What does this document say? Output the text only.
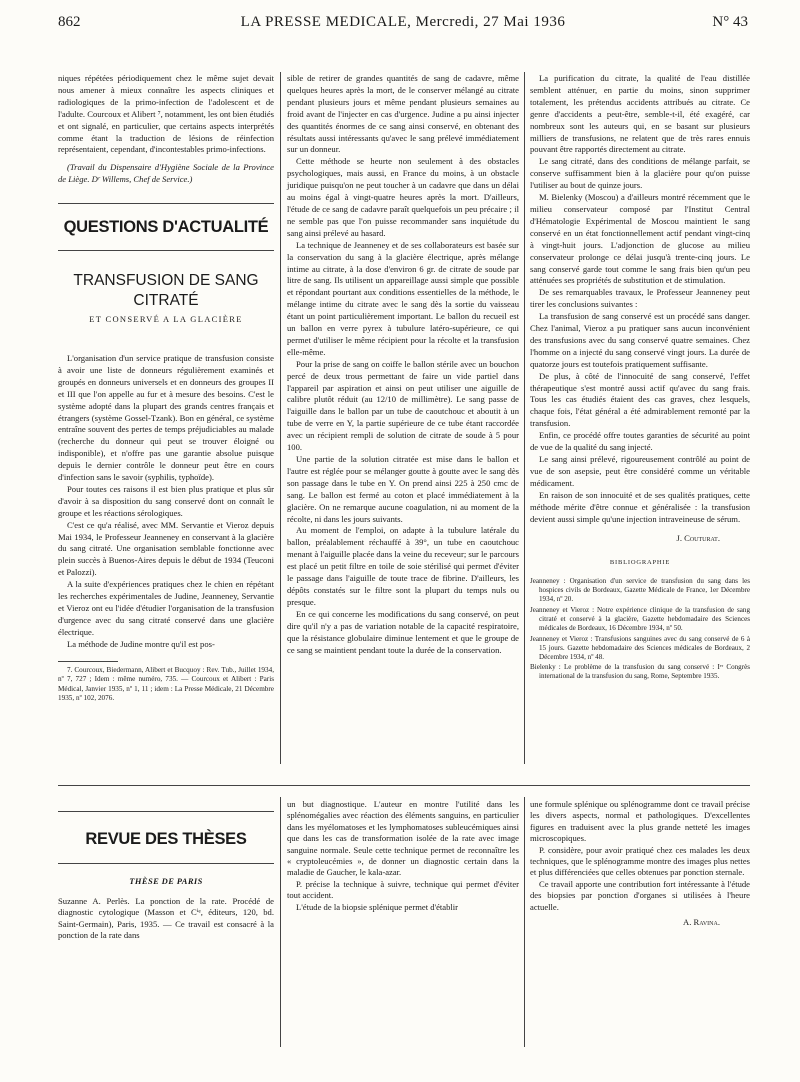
862	LA PRESSE MEDICALE, Mercredi, 27 Mai 1936	N° 43

niques répétées périodiquement chez le même sujet devait nous amener à mieux connaître les aspects cliniques et radiologiques de la primo-infection de l'adolescent et de l'adulte. Courcoux et Alibert ⁷, notamment, les ont bien étudiés et ont signalé, en particulier, que certains aspects interprétés comme étant la traduction de lésions de réinfection représentaient, cependant, d'incontestables primo-infections.

(Travail du Dispensaire d'Hygiène Sociale de la Province de Liège. Dʳ Willems, Chef de Service.)

QUESTIONS D'ACTUALITÉ
TRANSFUSION DE SANG
CITRATÉ
ET CONSERVÉ A LA GLACIÈRE

L'organisation d'un service pratique de transfusion consiste à avoir une liste de donneurs régulièrement examinés et groupés en donneurs universels et en donneurs des groupes II et III que l'on appelle au fur et à mesure des besoins. C'est le système adopté dans la plupart des grands centres français et étrangers (système Gossel-Tzank). Bon en général, ce système entraîne souvent des pertes de temps préjudiciables au malade (recherche du donneur qui peut se trouver éloigné ou indisponible), et n'offre pas une garantie absolue puisque depuis le dernier contrôle le donneur peut être en cours d'infection sans le savoir (syphilis, typhoïde).

Pour toutes ces raisons il est bien plus pratique et plus sûr d'avoir à sa disposition du sang conservé dont on connaît le groupe et les réactions sérologiques.

C'est ce qu'a réalisé, avec MM. Servantie et Vieroz depuis Mai 1934, le Professeur Jeanneney en conservant à la glacière du sang citraté. Une organisation semblable fonctionne avec plein succès à Buenos-Aires depuis le début de 1934 (Teuconi et Palozzi).

A la suite d'expériences pratiques chez le chien en répétant les recherches expérimentales de Judine, Jeanneney, Servantie et Vieroz ont eu l'idée d'étudier l'organisation de la transfusion d'urgence avec du sang citraté conservé dans une glacière électrique.

La méthode de Judine montre qu'il est pos-

7. Courcoux, Biedermann, Alibert et Bucquoy : Rev. Tub., Juillet 1934, nº 7, 727 ; Idem : même numéro, 735. — Courcoux et Alibert : Paris Médical, Janvier 1935, nº 1, 11 ; idem : La Presse Médicale, 21 Décembre 1935, nº 102, 2076.

sible de retirer de grandes quantités de sang de cadavre, même quelques heures après la mort, de le conserver mélangé au citrate pendant plusieurs jours et même pendant plusieurs semaines au froid avant de l'injecter en cas d'urgence. Judine a pu ainsi injecter des quantités énormes de ce sang ainsi conservé, en obtenant des résultats aussi intéressants qu'avec le sang prélevé immédiatement sur un donneur.

Cette méthode se heurte non seulement à des obstacles psychologiques, mais aussi, en France du moins, à un obstacle juridique puisqu'on ne peut toucher à un cadavre que dans un délai au moins égal à vingt-quatre heures après la mort. D'ailleurs, l'étude de ce sang de cadavre paraît quelquefois un peu précaire ; il ne semble pas que l'on puisse recommander sans inquiétude du sang ainsi prélevé au hasard.

La technique de Jeanneney et de ses collaborateurs est basée sur la conservation du sang à la glacière électrique, après mélange intime au citrate, à la dose d'environ 6 gr. de citrate de soude par litre de sang. Ils utilisent un appareillage aussi simple que possible et répondant pourtant aux conditions essentielles de la méthode, le mélange intime du citrate avec le sang dès la sortie du vaisseau étant un point particulièrement important. Le ballon du recueil est un ballon en verre pyrex à tubulure latéro-supérieure, ce qui permet d'utiliser le même récipient pour la récolte et la transfusion elle-même.

Pour la prise de sang on coiffe le ballon stérile avec un bouchon percé de deux trous permettant de faire un vide partiel dans l'appareil par aspiration et ainsi on peut utiliser une aiguille de calibre plutôt réduit (au 12/10 de millimètre). Le sang passe de l'aiguille dans le ballon par un tube de caoutchouc et aboutit à un tube de verre en Y, la partie supérieure de ce tube étant raccordée avec un récipient rempli de solution de citrate de soude à 5 pour 100.

Une partie de la solution citratée est mise dans le ballon et l'autre est réglée pour se mélanger goutte à goutte avec le sang dès son passage dans le tube en Y. On prend ainsi 225 à 250 cmc de sang. Le ballon est fermé au coton et placé immédiatement à la glacière. On ne remarque aucune coagulation, ni au moment de la récolte, ni dans les jours suivants.

Au moment de l'emploi, on adapte à la tubulure latérale du ballon, préalablement réchauffé à 39°, un tube en caoutchouc menant à l'aiguille placée dans la veine du receveur; sur le parcours est placé un petit filtre en toile de soie stérilisé qui permet d'éviter le passage dans l'aiguille de toute trace de fibrine. D'ailleurs, les dépôts constatés sur le filtre sont la plupart du temps nuls ou presque.

En ce qui concerne les modifications du sang conservé, on peut dire qu'il n'y a pas de variation notable de la capacité respiratoire, que la résistance globulaire diminue lentement et que le groupe de ce sang se maintient pendant toute la durée de la conservation.

La purification du citrate, la qualité de l'eau distillée semblent atténuer, en partie du moins, sinon supprimer totalement, les prétendus accidents attribués au citrate. Ce genre d'accidents a peut-être, semble-t-il, été exagéré, car nombreux sont les auteurs qui, en se basant sur plusieurs milliers de transfusions, ne relatent que de très rares ennuis pouvant être rapportés directement au citrate.

Le sang citraté, dans des conditions de mélange parfait, se conserve suffisamment bien à la glacière pour qu'on puisse l'utiliser au bout de quinze jours.

M. Bielenky (Moscou) a d'ailleurs montré récemment que le milieu conservateur composé par l'Institut Central d'Hématologie Expérimental de Moscou maintient le sang conservé en un état fonctionnellement actif pendant vingt-cinq à vingt-huit jours. L'adjonction de glucose au milieu conservateur prolonge ce délai jusqu'à trente-cinq jours. Le sang conservé garde tout comme le sang frais bien qu'un peu atténuées ses propriétés de substitution et de stimulation.

De ses remarquables travaux, le Professeur Jeanneney peut tirer les conclusions suivantes :

La transfusion de sang conservé est un procédé sans danger. Chez l'animal, Vieroz a pu pratiquer sans aucun inconvénient des transfusions avec du sang conservé quatre semaines. Chez l'homme on a injecté du sang conservé vingt jours. La durée de quatorze jours est toutefois pratiquement suffisante.

De plus, à côté de l'innocuité de sang conservé, l'effet thérapeutique s'est montré aussi actif qu'avec du sang frais. Tous les cas étudiés étaient des cas graves, chez lesquels, chaque fois, l'état général a été admirablement remonté par la transfusion.

Enfin, ce procédé offre toutes garanties de sécurité au point de vue de la qualité du sang injecté.

Le sang ainsi prélevé, rigoureusement contrôlé au point de vue de son asepsie, peut être considéré comme un véritable médicament.

En raison de son innocuité et de ses qualités pratiques, cette méthode mérite d'être connue et généralisée : la transfusion devient aussi simple qu'une injection intraveineuse de sérum.

J. Couturat.
BIBLIOGRAPHIE

Jeanneney : Organisation d'un service de transfusion du sang dans les hospices civils de Bordeaux, Gazette Médicale de France, 1er Décembre 1934, nº 20.

Jeanneney et Vieroz : Notre expérience clinique de la transfusion de sang citraté et conservé à la glacière, Gazette hebdomadaire des Sciences médicales de Bordeaux, 16 Décembre 1934, nº 50.

Jeanneney et Vieroz : Transfusions sanguines avec du sang conservé de 6 à 15 jours. Gazette hebdomadaire des Sciences médicales de Bordeaux, 2 Décembre 1934, nº 48.

Bielenky : Le problème de la transfusion du sang conservé : Iᵉʳ Congrès international de la transfusion du sang, Rome, Septembre 1935.

REVUE DES THÈSES
THÈSE DE PARIS

Suzanne A. Perlès. La ponction de la rate. Procédé de diagnostic cytologique (Masson et Cⁱᵉ, éditeurs, 120, bd. Saint-Germain), Paris, 1935. — Ce travail est consacré à la ponction de la rate dans

un but diagnostique. L'auteur en montre l'utilité dans les splénomégalies avec réaction des éléments sanguins, en particulier dans les myélomatoses et les lymphomatoses subleucémiques ainsi que dans les cas de transformation isolée de la rate avec image sanguine normale. Seule cette technique permet de reconnaître les « cryptoleucémies », de donner un diagnostic certain dans la maladie de Gaucher, le kala-azar.

P. précise la technique à suivre, technique qui permet d'éviter tout accident.

L'étude de la biopsie splénique permet d'établir

une formule splénique ou splénogramme dont ce travail précise les divers aspects, normal et pathologiques. D'excellentes figures en traduisent avec la plus grande netteté les images microscopiques.

P. considère, pour avoir pratiqué chez ces malades les deux techniques, que le splénogramme montre des images plus nettes et plus différenciées que celles obtenues par ponction sternale.

Ce travail apporte une contribution fort intéressante à l'étude des biopsies par ponction d'organes si utilisées à l'heure actuelle.

A. Ravina.
